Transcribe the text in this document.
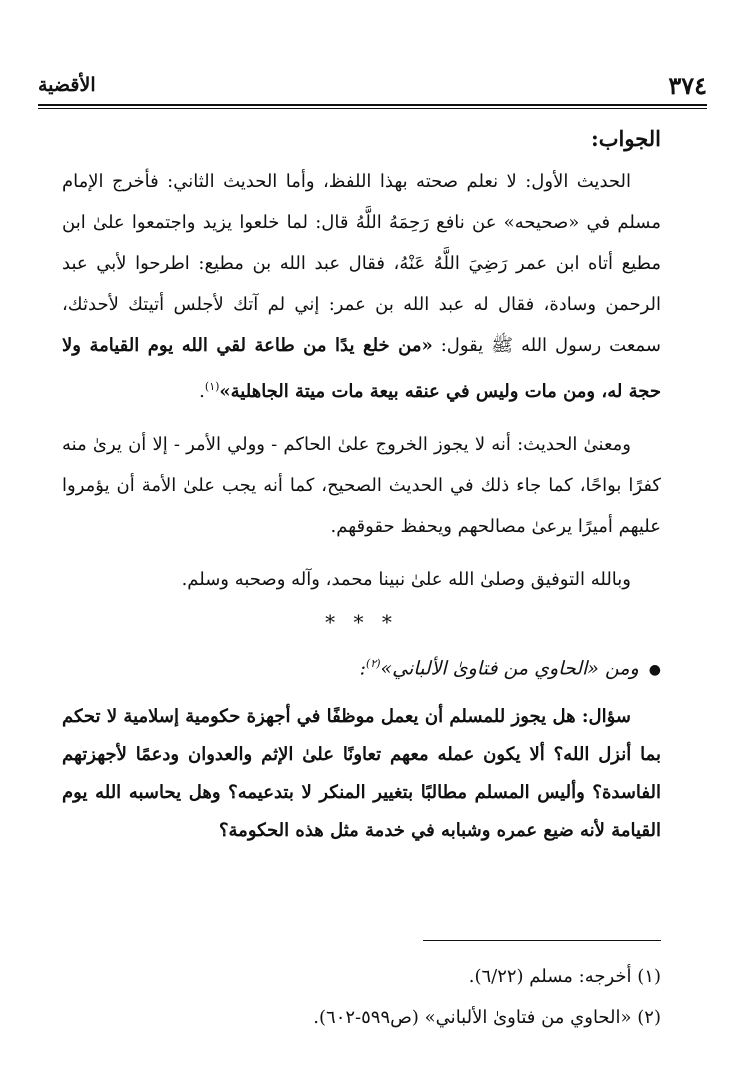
٣٧٤
الأقضية
الجواب:

الحديث الأول: لا نعلم صحته بهذا اللفظ، وأما الحديث الثاني: فأخرج الإمام مسلم في «صحيحه» عن نافع رَحِمَهُ اللَّهُ قال: لما خلعوا يزيد واجتمعوا علىٰ ابن مطيع أتاه ابن عمر رَضِيَ اللَّهُ عَنْهُ، فقال عبد الله بن مطيع: اطرحوا لأبي عبد الرحمن وسادة، فقال له عبد الله بن عمر: إني لم آتك لأجلس أتيتك لأحدثك، سمعت رسول الله ﷺ يقول: «من خلع يدًا من طاعة لقي الله يوم القيامة ولا حجة له، ومن مات وليس في عنقه بيعة مات ميتة الجاهلية»$^{(١)}$.

ومعنىٰ الحديث: أنه لا يجوز الخروج علىٰ الحاكم - وولي الأمر - إلا أن يرىٰ منه كفرًا بواحًا، كما جاء ذلك في الحديث الصحيح، كما أنه يجب علىٰ الأمة أن يؤمروا عليهم أميرًا يرعىٰ مصالحهم ويحفظ حقوقهم.

وبالله التوفيق وصلىٰ الله علىٰ نبينا محمد، وآله وصحبه وسلم.

* * *
●ومن «الحاوي من فتاوىٰ الألباني»$^{(٢)}$:

سؤال: هل يجوز للمسلم أن يعمل موظفًا في أجهزة حكومية إسلامية لا تحكم بما أنزل الله؟ ألا يكون عمله معهم تعاونًا علىٰ الإثم والعدوان ودعمًا لأجهزتهم الفاسدة؟ وأليس المسلم مطالبًا بتغيير المنكر لا بتدعيمه؟ وهل يحاسبه الله يوم القيامة لأنه ضيع عمره وشبابه في خدمة مثل هذه الحكومة؟

(١) أخرجه: مسلم (٦/٢٢).

(٢) «الحاوي من فتاوىٰ الألباني» (ص٥٩٩-٦٠٢).
